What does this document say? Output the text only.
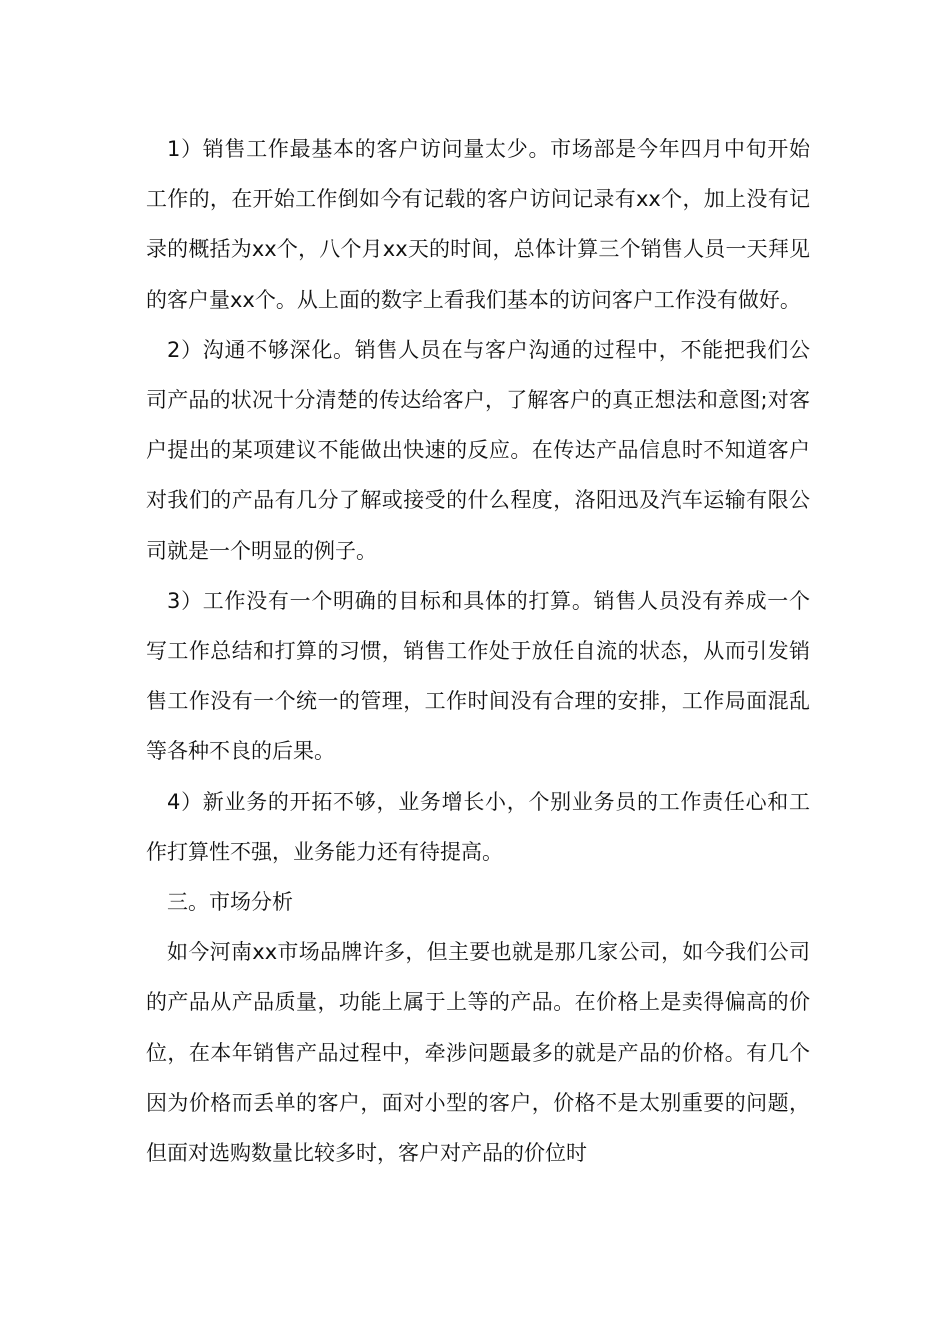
1）销售工作最基本的客户访问量太少。市场部是今年四月中旬开始工作的，在开始工作倒如今有记载的客户访问记录有xx个，加上没有记录的概括为xx个，八个月xx天的时间，总体计算三个销售人员一天拜见的客户量xx个。从上面的数字上看我们基本的访问客户工作没有做好。

2）沟通不够深化。销售人员在与客户沟通的过程中，不能把我们公司产品的状况十分清楚的传达给客户，了解客户的真正想法和意图;对客户提出的某项建议不能做出快速的反应。在传达产品信息时不知道客户对我们的产品有几分了解或接受的什么程度，洛阳迅及汽车运输有限公司就是一个明显的例子。

3）工作没有一个明确的目标和具体的打算。销售人员没有养成一个写工作总结和打算的习惯，销售工作处于放任自流的状态，从而引发销售工作没有一个统一的管理，工作时间没有合理的安排，工作局面混乱等各种不良的后果。

4）新业务的开拓不够，业务增长小，个别业务员的工作责任心和工作打算性不强，业务能力还有待提高。

三。市场分析

如今河南xx市场品牌许多，但主要也就是那几家公司，如今我们公司的产品从产品质量，功能上属于上等的产品。在价格上是卖得偏高的价位，在本年销售产品过程中，牵涉问题最多的就是产品的价格。有几个因为价格而丢单的客户，面对小型的客户，价格不是太别重要的问题，但面对选购数量比较多时，客户对产品的价位时
